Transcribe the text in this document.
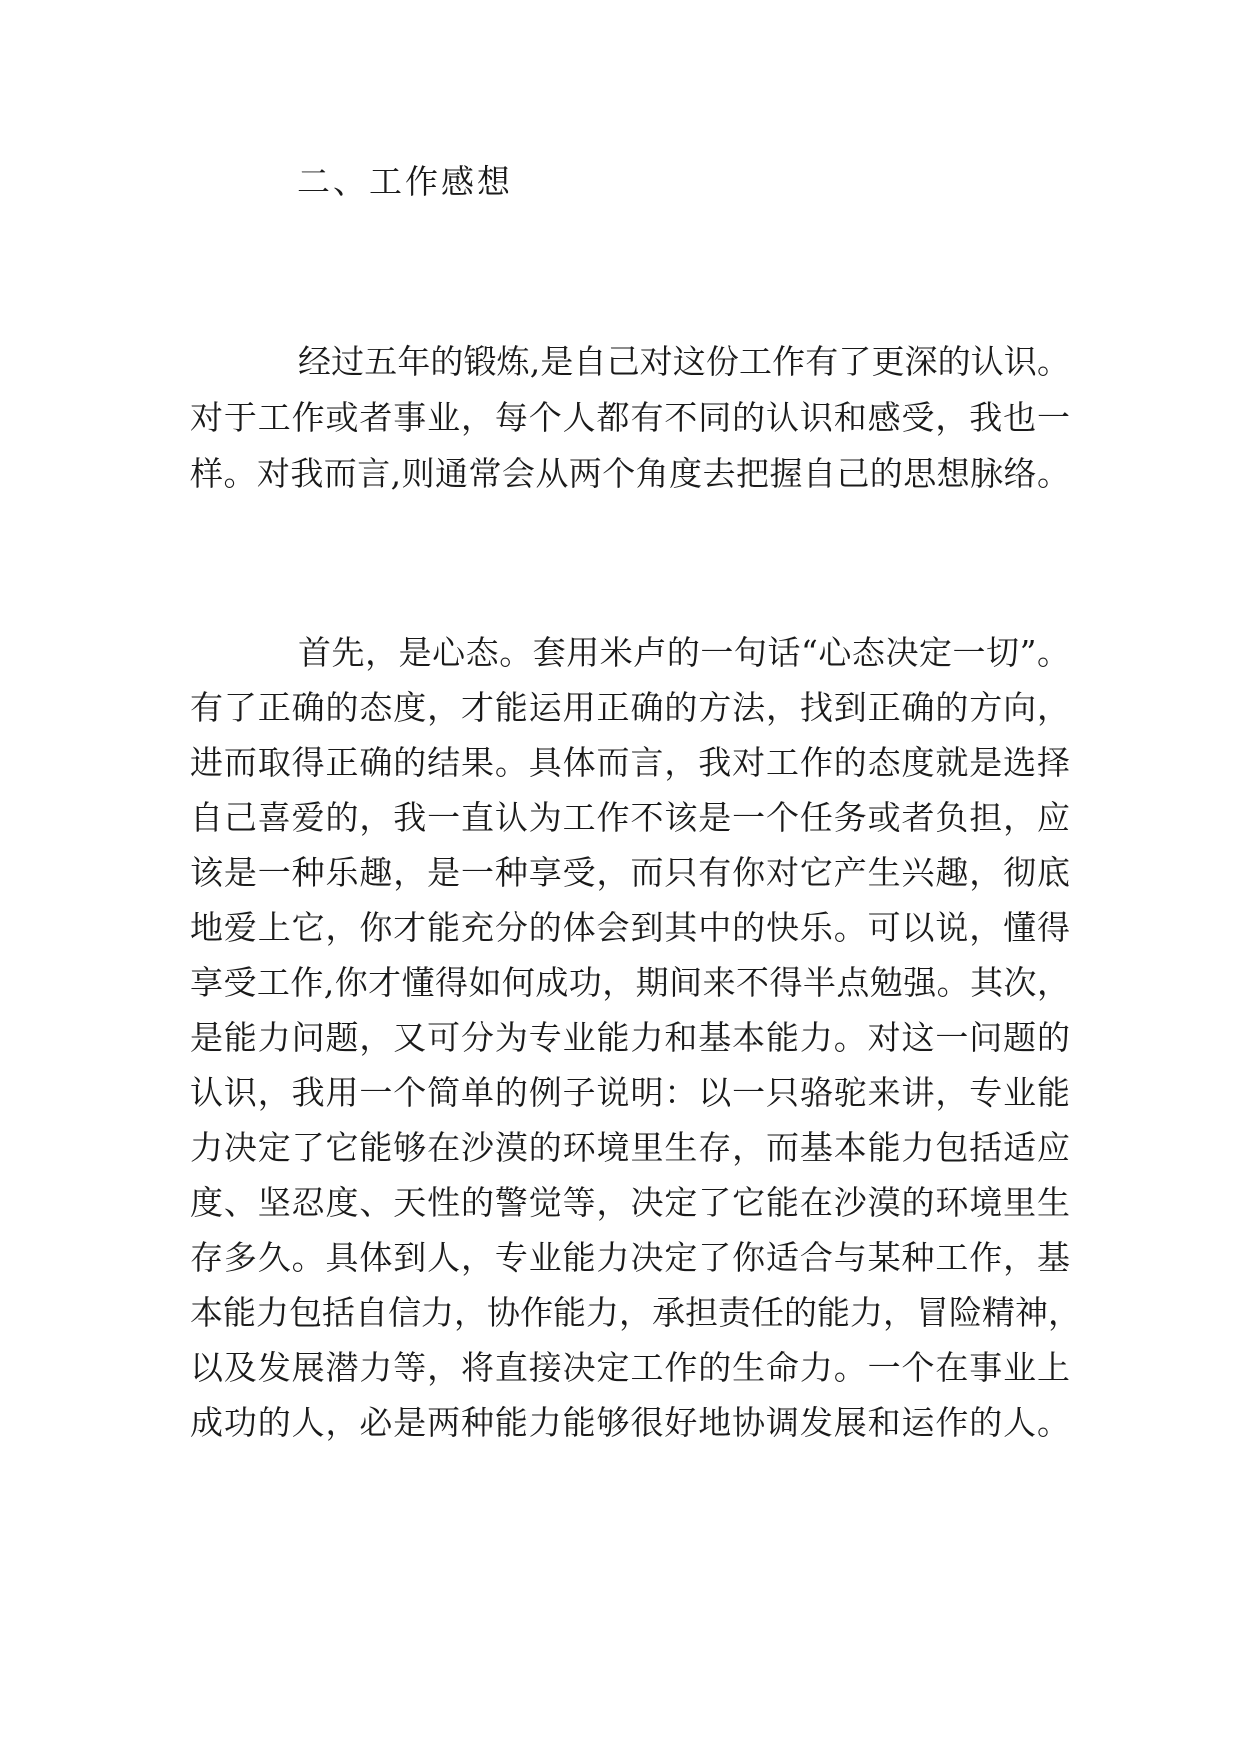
二、工作感想
经过五年的锻炼,是自己对这份工作有了更深的认识。
对于工作或者事业，每个人都有不同的认识和感受，我也一
样。对我而言,则通常会从两个角度去把握自己的思想脉络。
首先，是心态。套用米卢的一句话“心态决定一切”。
有了正确的态度，才能运用正确的方法，找到正确的方向，
进而取得正确的结果。具体而言，我对工作的态度就是选择
自己喜爱的，我一直认为工作不该是一个任务或者负担，应
该是一种乐趣，是一种享受，而只有你对它产生兴趣，彻底
地爱上它，你才能充分的体会到其中的快乐。可以说，懂得
享受工作,你才懂得如何成功，期间来不得半点勉强。其次，
是能力问题，又可分为专业能力和基本能力。对这一问题的
认识，我用一个简单的例子说明：以一只骆驼来讲，专业能
力决定了它能够在沙漠的环境里生存，而基本能力包括适应
度、坚忍度、天性的警觉等，决定了它能在沙漠的环境里生
存多久。具体到人，专业能力决定了你适合与某种工作，基
本能力包括自信力，协作能力，承担责任的能力，冒险精神，
以及发展潜力等，将直接决定工作的生命力。一个在事业上
成功的人，必是两种能力能够很好地协调发展和运作的人。
